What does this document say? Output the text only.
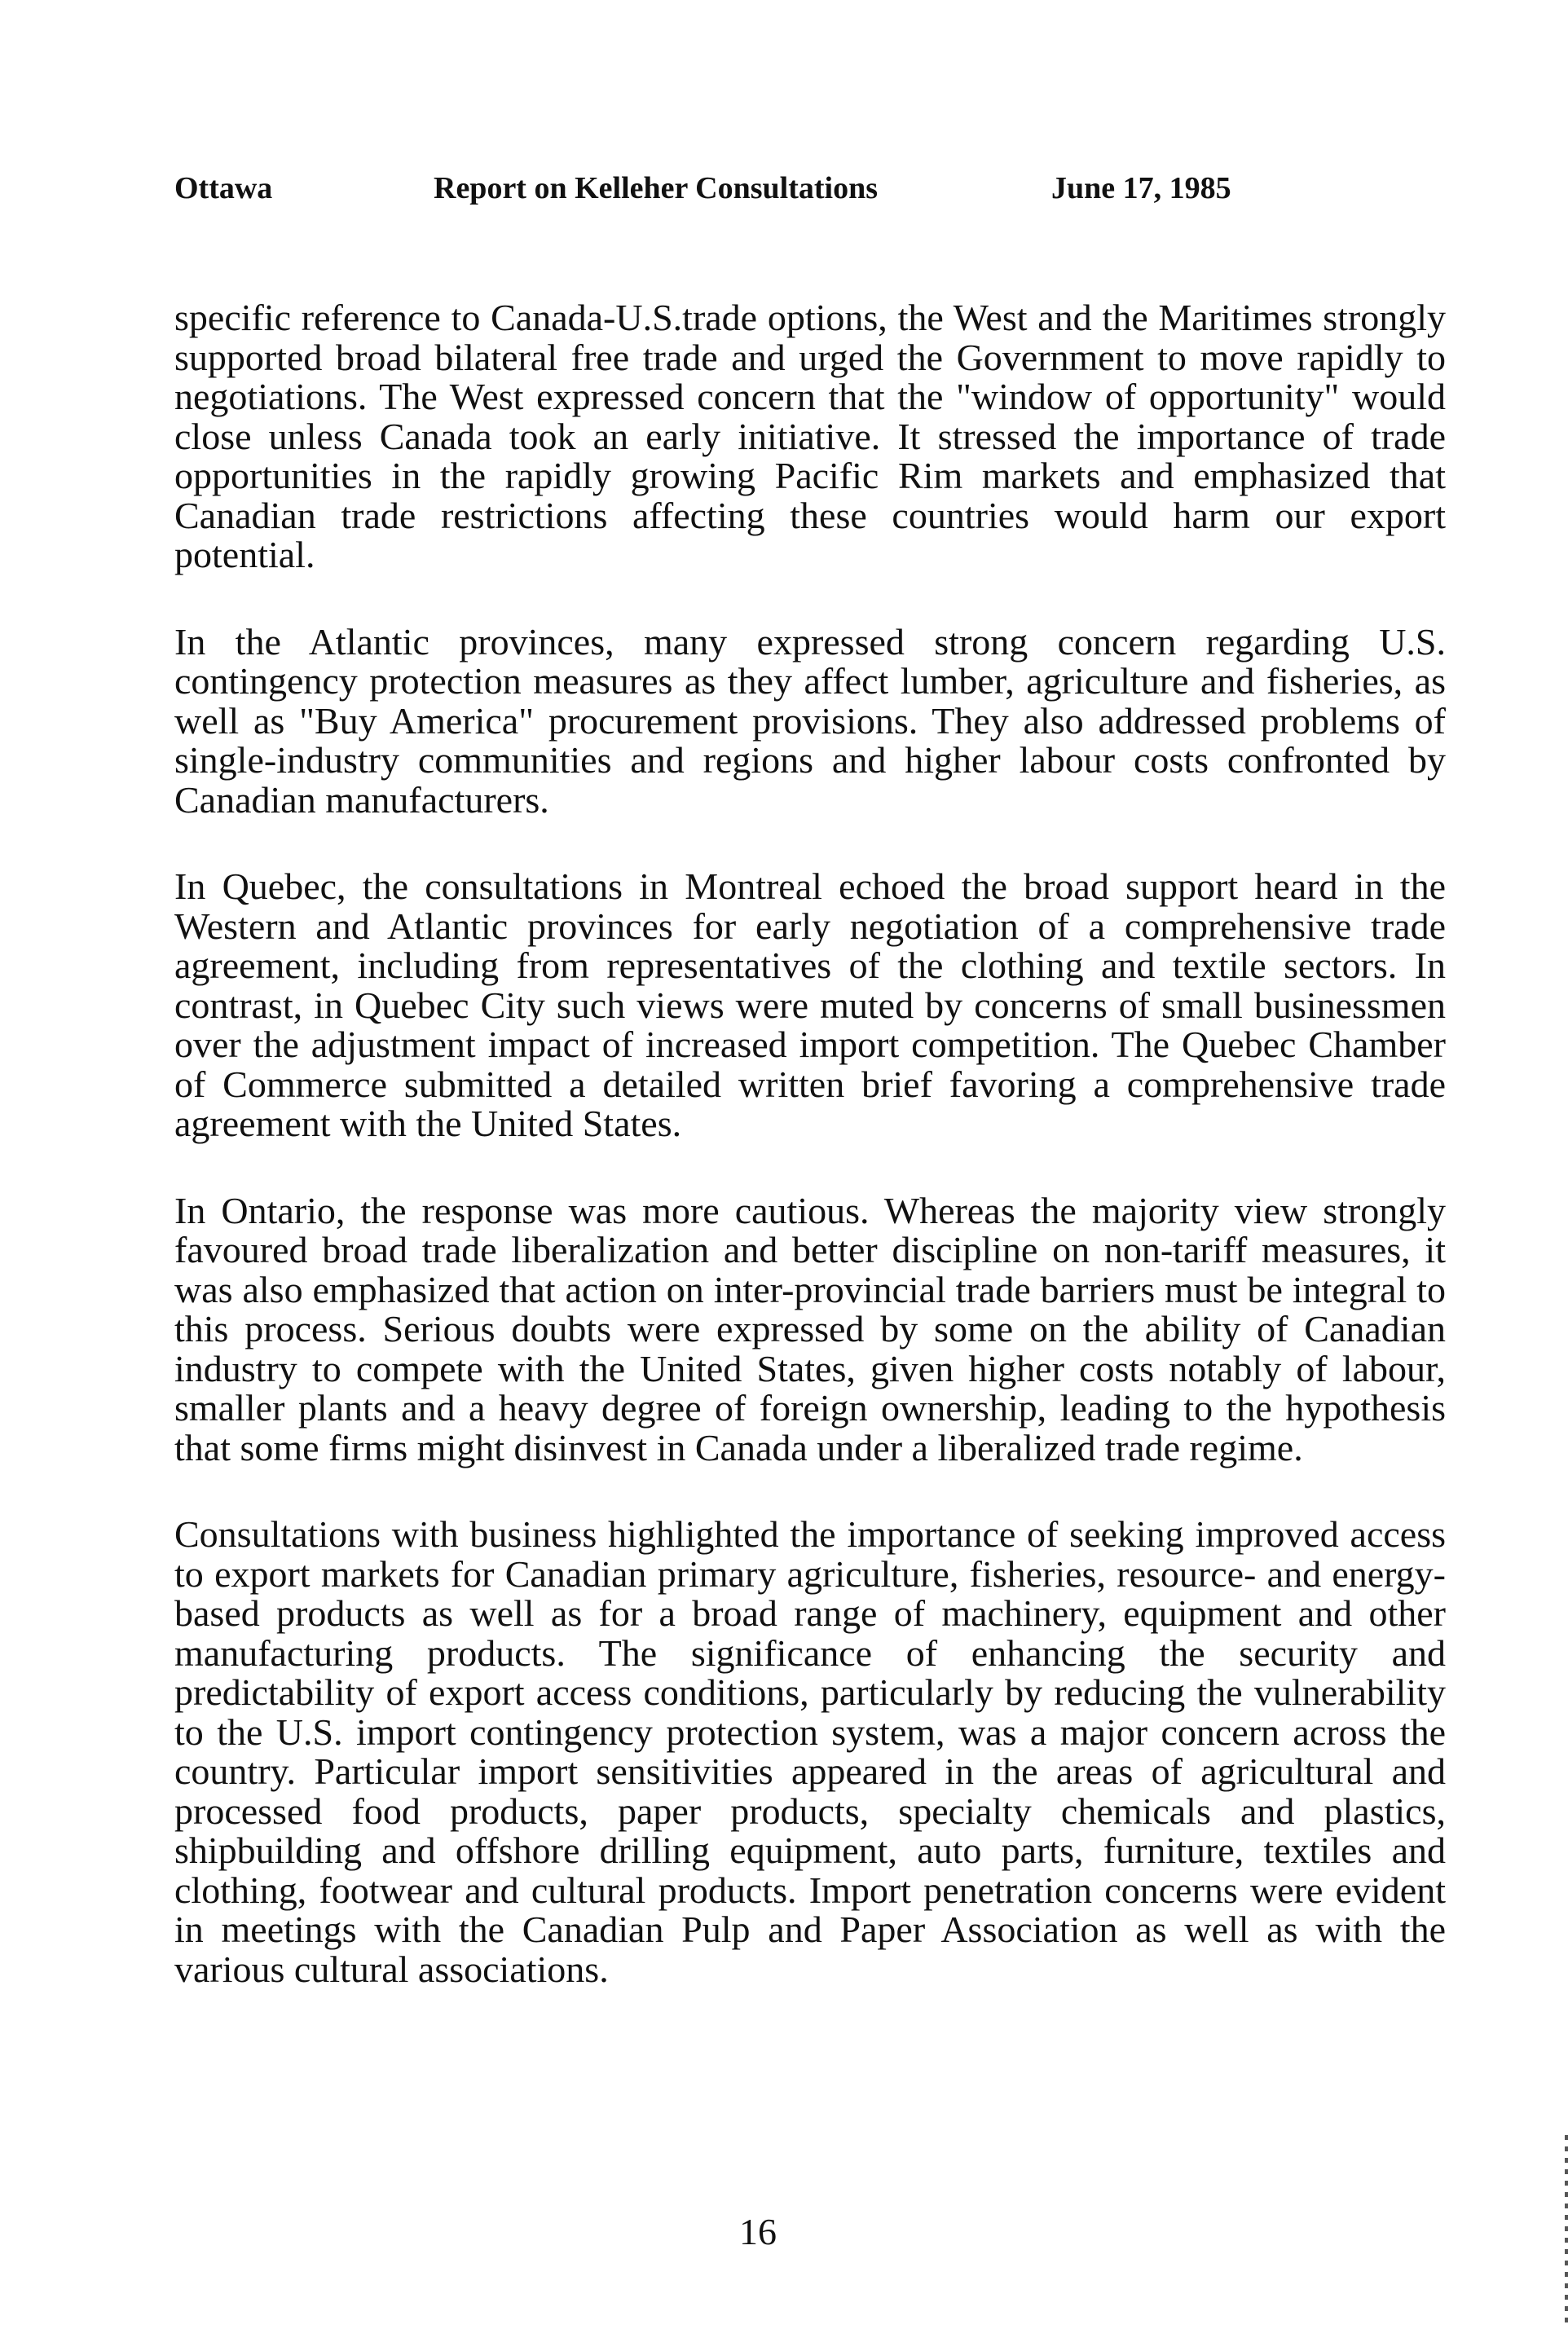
Ottawa	Report on Kelleher Consultations	June 17, 1985

specific reference to Canada-U.S.trade options, the West and the Maritimes strongly supported broad bilateral free trade and urged the Government to move rapidly to negotiations. The West expressed concern that the "window of opportunity" would close unless Canada took an early initiative. It stressed the importance of trade opportunities in the rapidly growing Pacific Rim markets and emphasized that Canadian trade restrictions affecting these countries would harm our export potential.

In the Atlantic provinces, many expressed strong concern regarding U.S. contingency protection measures as they affect lumber, agriculture and fisheries, as well as "Buy America" procurement provisions. They also addressed problems of single-industry communities and regions and higher labour costs confronted by Canadian manufacturers.

In Quebec, the consultations in Montreal echoed the broad support heard in the Western and Atlantic provinces for early negotiation of a comprehensive trade agreement, including from representatives of the clothing and textile sectors. In contrast, in Quebec City such views were muted by concerns of small businessmen over the adjustment impact of increased import competition. The Quebec Chamber of Commerce submitted a detailed written brief favoring a comprehensive trade agreement with the United States.

In Ontario, the response was more cautious. Whereas the majority view strongly favoured broad trade liberalization and better discipline on non-tariff measures, it was also emphasized that action on inter-provincial trade barriers must be integral to this process. Serious doubts were expressed by some on the ability of Canadian industry to compete with the United States, given higher costs notably of labour, smaller plants and a heavy degree of foreign ownership, leading to the hypothesis that some firms might disinvest in Canada under a liberalized trade regime.

Consultations with business highlighted the importance of seeking improved access to export markets for Canadian primary agriculture, fisheries, resource- and energy-based products as well as for a broad range of machinery, equipment and other manufacturing products. The significance of enhancing the security and predictability of export access conditions, particularly by reducing the vulnerability to the U.S. import contingency protection system, was a major concern across the country. Particular import sensitivities appeared in the areas of agricultural and processed food products, paper products, specialty chemicals and plastics, shipbuilding and offshore drilling equipment, auto parts, furniture, textiles and clothing, footwear and cultural products. Import penetration concerns were evident in meetings with the Canadian Pulp and Paper Association as well as with the various cultural associations.

16
